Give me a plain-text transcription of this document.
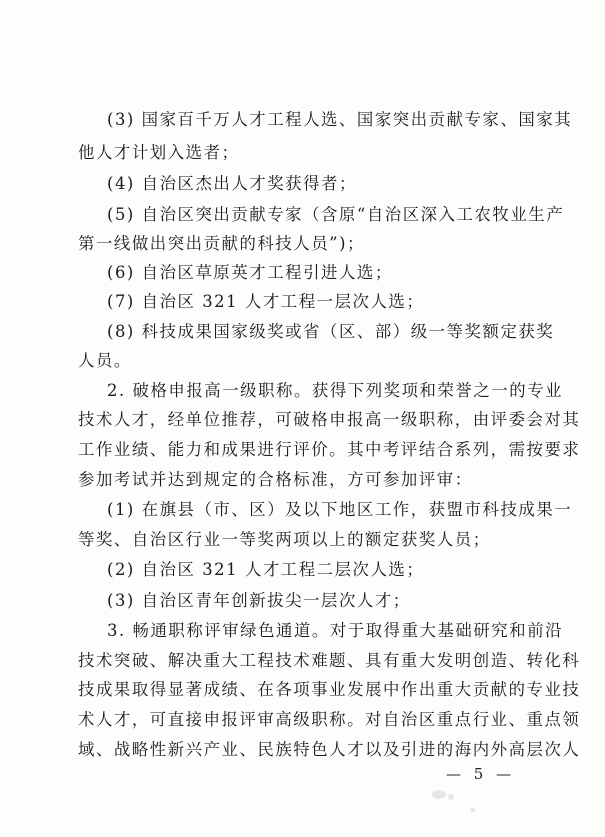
(3) 国家百千万人才工程人选、国家突出贡献专家、国家其
他人才计划入选者；
(4) 自治区杰出人才奖获得者；
(5) 自治区突出贡献专家（含原“自治区深入工农牧业生产
第一线做出突出贡献的科技人员”)；
(6) 自治区草原英才工程引进人选；
(7) 自治区 321 人才工程一层次人选；
(8) 科技成果国家级奖或省（区、部）级一等奖额定获奖
人员。
2. 破格申报高一级职称。获得下列奖项和荣誉之一的专业
技术人才，经单位推荐，可破格申报高一级职称，由评委会对其
工作业绩、能力和成果进行评价。其中考评结合系列，需按要求
参加考试并达到规定的合格标准，方可参加评审：
(1) 在旗县（市、区）及以下地区工作，获盟市科技成果一
等奖、自治区行业一等奖两项以上的额定获奖人员；
(2) 自治区 321 人才工程二层次人选；
(3) 自治区青年创新拔尖一层次人才；
3. 畅通职称评审绿色通道。对于取得重大基础研究和前沿
技术突破、解决重大工程技术难题、具有重大发明创造、转化科
技成果取得显著成绩、在各项事业发展中作出重大贡献的专业技
术人才，可直接申报评审高级职称。对自治区重点行业、重点领
域、战略性新兴产业、民族特色人才以及引进的海内外高层次人
— 5 —
